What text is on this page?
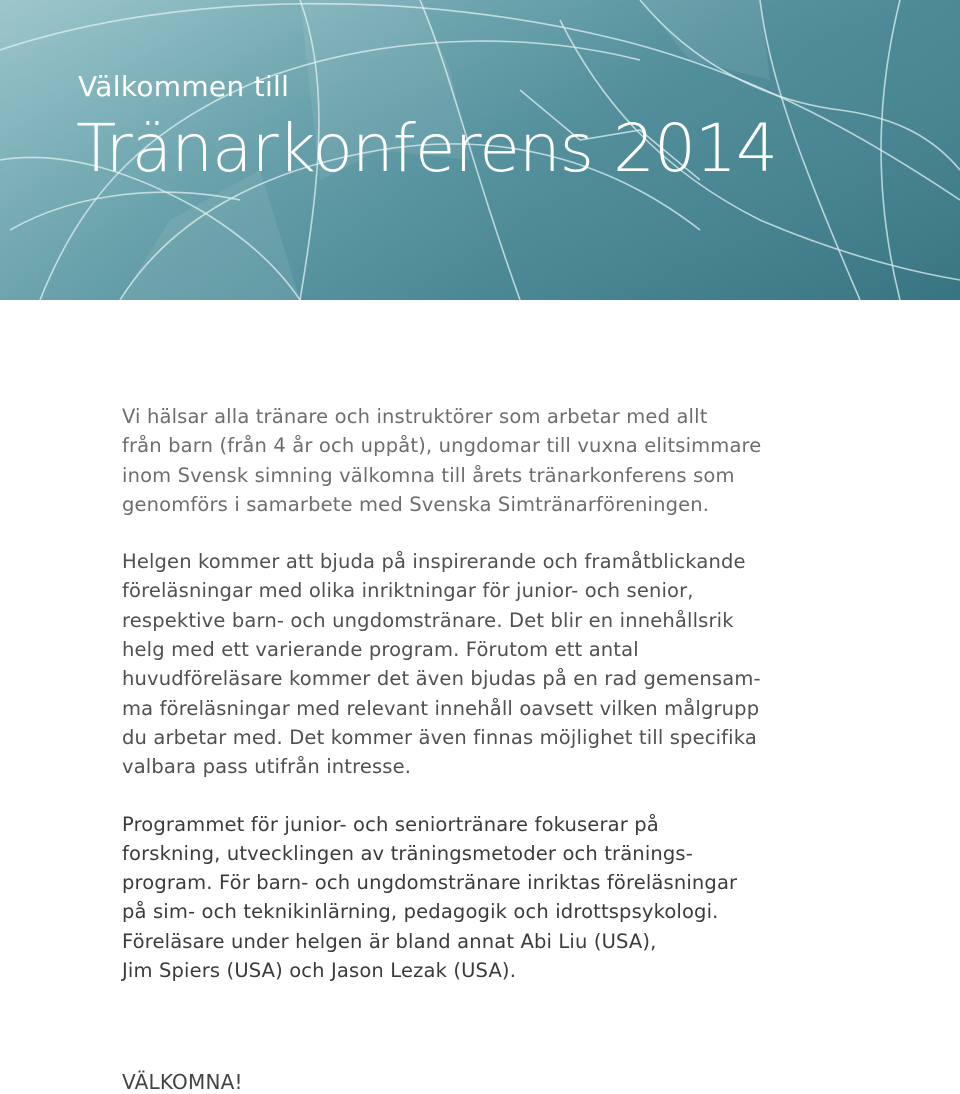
Välkommen till
Tränarkonferens 2014

Vi hälsar alla tränare och instruktörer som arbetar med allt
från barn (från 4 år och uppåt), ungdomar till vuxna elitsimmare
inom Svensk simning välkomna till årets tränarkonferens som
genomförs i samarbete med Svenska Simtränarföreningen.

Helgen kommer att bjuda på inspirerande och framåtblickande
föreläsningar med olika inriktningar för junior- och senior,
respektive barn- och ungdomstränare. Det blir en innehållsrik
helg med ett varierande program. Förutom ett antal
huvudföreläsare kommer det även bjudas på en rad gemensam-
ma föreläsningar med relevant innehåll oavsett vilken målgrupp
du arbetar med. Det kommer även finnas möjlighet till specifika
valbara pass utifrån intresse.

Programmet för junior- och seniortränare fokuserar på
forskning, utvecklingen av träningsmetoder och tränings-
program. För barn- och ungdomstränare inriktas föreläsningar
på sim- och teknikinlärning, pedagogik och idrottspsykologi.
Föreläsare under helgen är bland annat Abi Liu (USA),
Jim Spiers (USA) och Jason Lezak (USA).

VÄLKOMNA!
